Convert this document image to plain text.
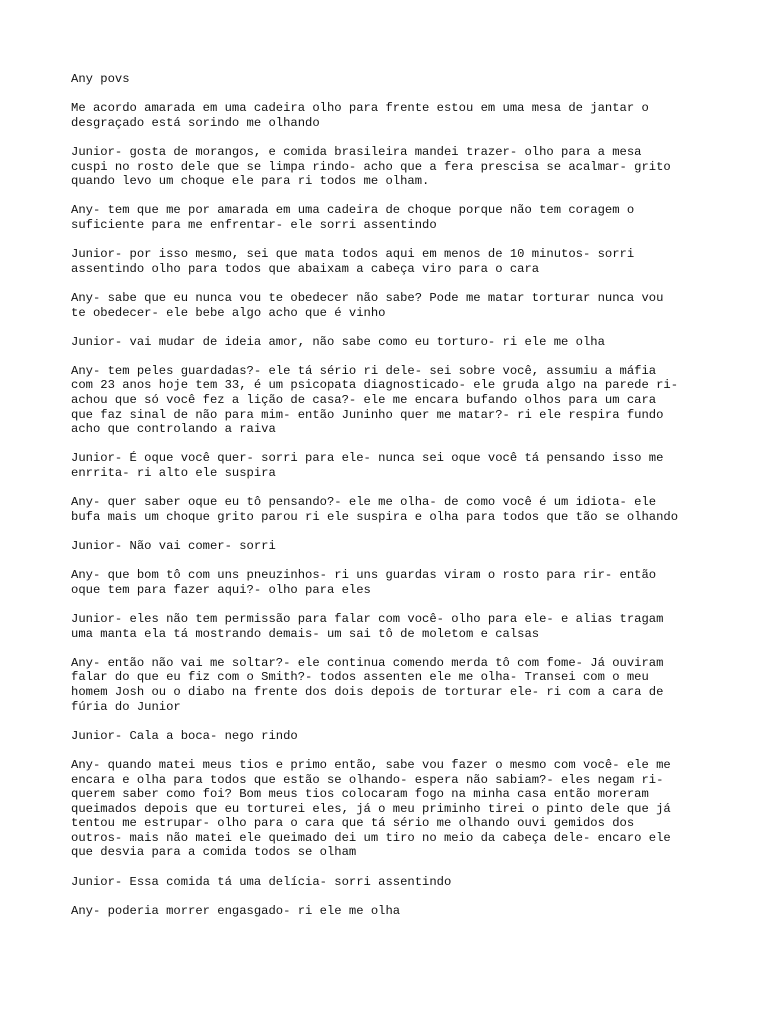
Any povs
Me acordo amarada em uma cadeira olho para frente estou em uma mesa de jantar o
desgraçado está sorindo me olhando
Junior- gosta de morangos, e comida brasileira mandei trazer- olho para a mesa
cuspi no rosto dele que se limpa rindo- acho que a fera prescisa se acalmar- grito
quando levo um choque ele para ri todos me olham.
Any- tem que me por amarada em uma cadeira de choque porque não tem coragem o
suficiente para me enfrentar- ele sorri assentindo
Junior- por isso mesmo, sei que mata todos aqui em menos de 10 minutos- sorri
assentindo olho para todos que abaixam a cabeça viro para o cara
Any- sabe que eu nunca vou te obedecer não sabe? Pode me matar torturar nunca vou
te obedecer- ele bebe algo acho que é vinho
Junior- vai mudar de ideia amor, não sabe como eu torturo- ri ele me olha
Any- tem peles guardadas?- ele tá sério ri dele- sei sobre você, assumiu a máfia
com 23 anos hoje tem 33, é um psicopata diagnosticado- ele gruda algo na parede ri-
achou que só você fez a lição de casa?- ele me encara bufando olhos para um cara
que faz sinal de não para mim- então Juninho quer me matar?- ri ele respira fundo
acho que controlando a raiva
Junior- É oque você quer- sorri para ele- nunca sei oque você tá pensando isso me
enrrita- ri alto ele suspira
Any- quer saber oque eu tô pensando?- ele me olha- de como você é um idiota- ele
bufa mais um choque grito parou ri ele suspira e olha para todos que tão se olhando
Junior- Não vai comer- sorri
Any- que bom tô com uns pneuzinhos- ri uns guardas viram o rosto para rir- então
oque tem para fazer aqui?- olho para eles
Junior- eles não tem permissão para falar com você- olho para ele- e alias tragam
uma manta ela tá mostrando demais- um sai tô de moletom e calsas
Any- então não vai me soltar?- ele continua comendo merda tô com fome- Já ouviram
falar do que eu fiz com o Smith?- todos assenten ele me olha- Transei com o meu
homem Josh ou o diabo na frente dos dois depois de torturar ele- ri com a cara de
fúria do Junior
Junior- Cala a boca- nego rindo
Any- quando matei meus tios e primo então, sabe vou fazer o mesmo com você- ele me
encara e olha para todos que estão se olhando- espera não sabiam?- eles negam ri-
querem saber como foi? Bom meus tios colocaram fogo na minha casa então moreram
queimados depois que eu torturei eles, já o meu priminho tirei o pinto dele que já
tentou me estrupar- olho para o cara que tá sério me olhando ouvi gemidos dos
outros- mais não matei ele queimado dei um tiro no meio da cabeça dele- encaro ele
que desvia para a comida todos se olham
Junior- Essa comida tá uma delícia- sorri assentindo
Any- poderia morrer engasgado- ri ele me olha
